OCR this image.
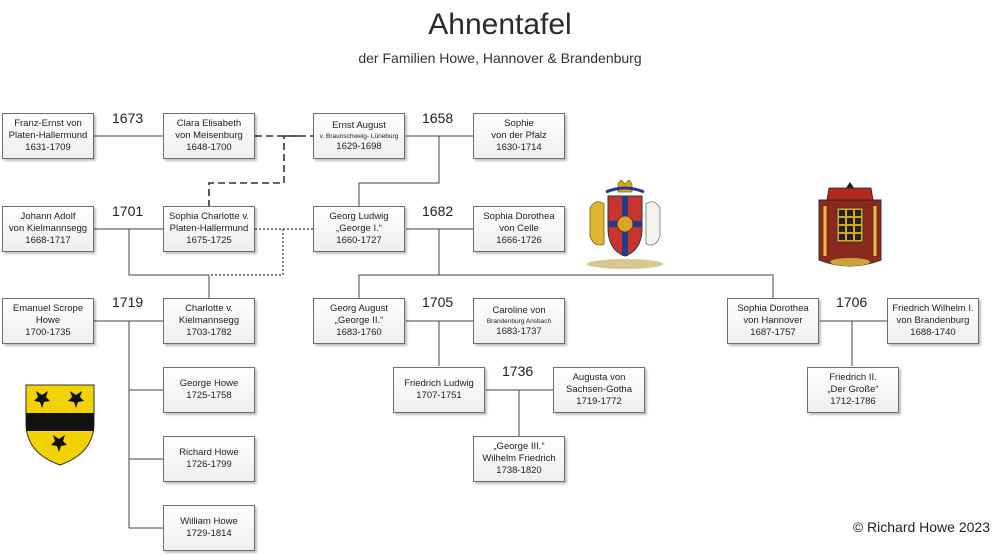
Ahnentafel
der Familien Howe, Hannover & Brandenburg
Franz-Ernst von
Platen-Hallermund
1631-1709
Clara Elisabeth
von Meisenburg
1648-1700
Ernst August
v. Braunschweig- Lüneburg
1629-1698
Sophie
von der Pfalz
1630-1714
Johann Adolf
von Kielmannsegg
1668-1717
Sophia Charlotte v.
Platen-Hallermund
1675-1725
Georg Ludwig
„George I.“
1660-1727
Sophia Dorothea
von Celle
1666-1726
Emanuel Scrope
Howe
1700-1735
Charlotte v.
Kielmannsegg
1703-1782
Georg August
„George II.“
1683-1760
Caroline von
Brandenburg Ansbach
1683-1737
Sophia Dorothea
von Hannover
1687-1757
Friedrich Wilhelm I.
von Brandenburg
1688-1740
George Howe
1725-1758
Friedrich Ludwig
1707-1751
Augusta von
Sachsen-Gotha
1719-1772
Friedrich II.
„Der Große“
1712-1786
Richard Howe
1726-1799
„George III.“
Wilhelm Friedrich
1738-1820
William Howe
1729-1814
1673	1658
1701	1682
1719	1705	1706
1736
© Richard Howe 2023
